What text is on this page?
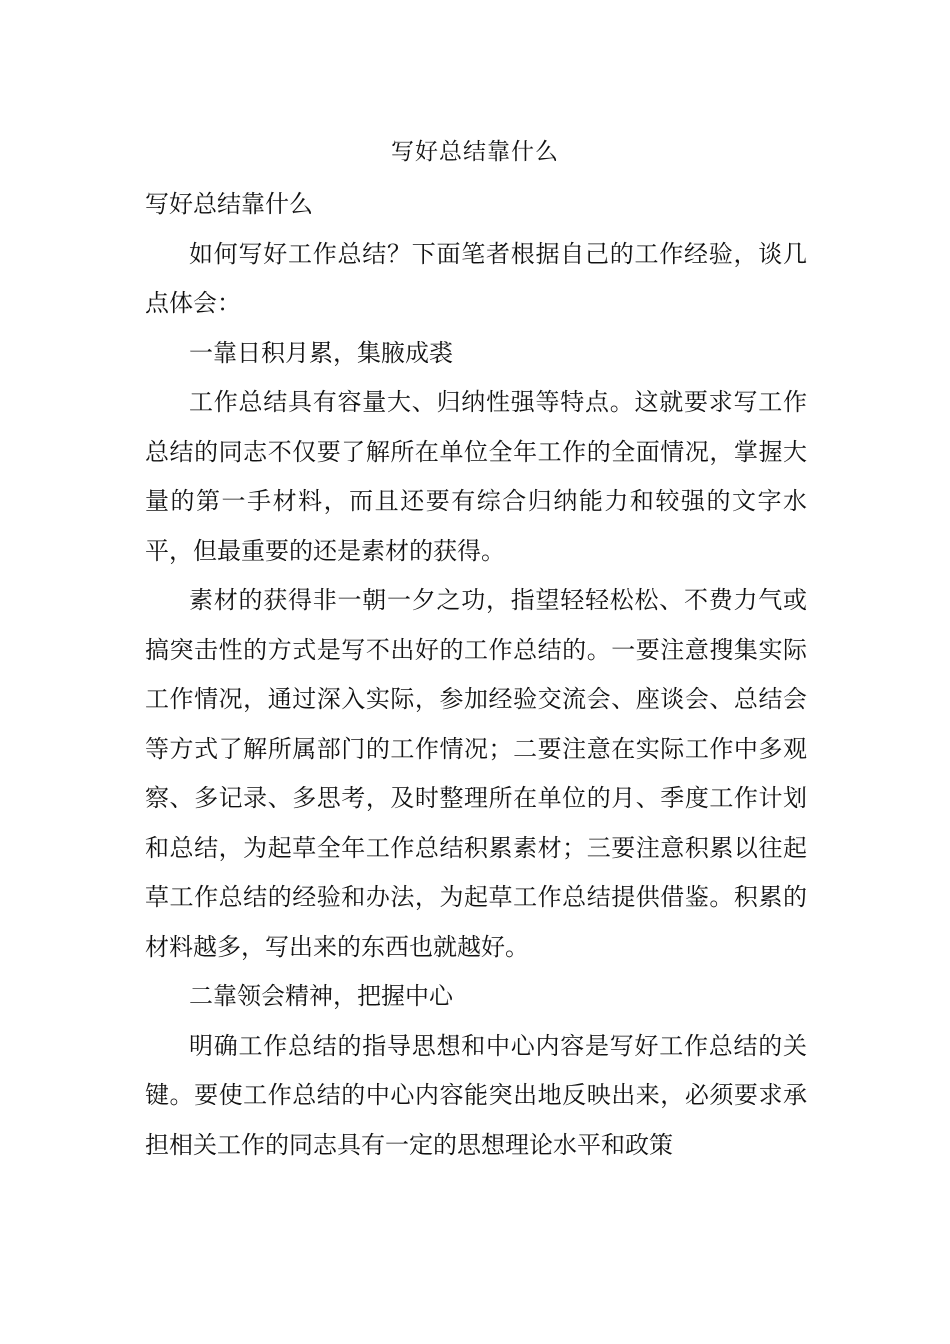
写好总结靠什么

写好总结靠什么

如何写好工作总结？下面笔者根据自己的工作经验，谈几点体会：

一靠日积月累，集腋成裘

工作总结具有容量大、归纳性强等特点。这就要求写工作总结的同志不仅要了解所在单位全年工作的全面情况，掌握大量的第一手材料，而且还要有综合归纳能力和较强的文字水平，但最重要的还是素材的获得。

素材的获得非一朝一夕之功，指望轻轻松松、不费力气或搞突击性的方式是写不出好的工作总结的。一要注意搜集实际工作情况，通过深入实际，参加经验交流会、座谈会、总结会等方式了解所属部门的工作情况；二要注意在实际工作中多观察、多记录、多思考，及时整理所在单位的月、季度工作计划和总结，为起草全年工作总结积累素材；三要注意积累以往起草工作总结的经验和办法，为起草工作总结提供借鉴。积累的材料越多，写出来的东西也就越好。

二靠领会精神，把握中心

明确工作总结的指导思想和中心内容是写好工作总结的关键。要使工作总结的中心内容能突出地反映出来，必须要求承担相关工作的同志具有一定的思想理论水平和政策
